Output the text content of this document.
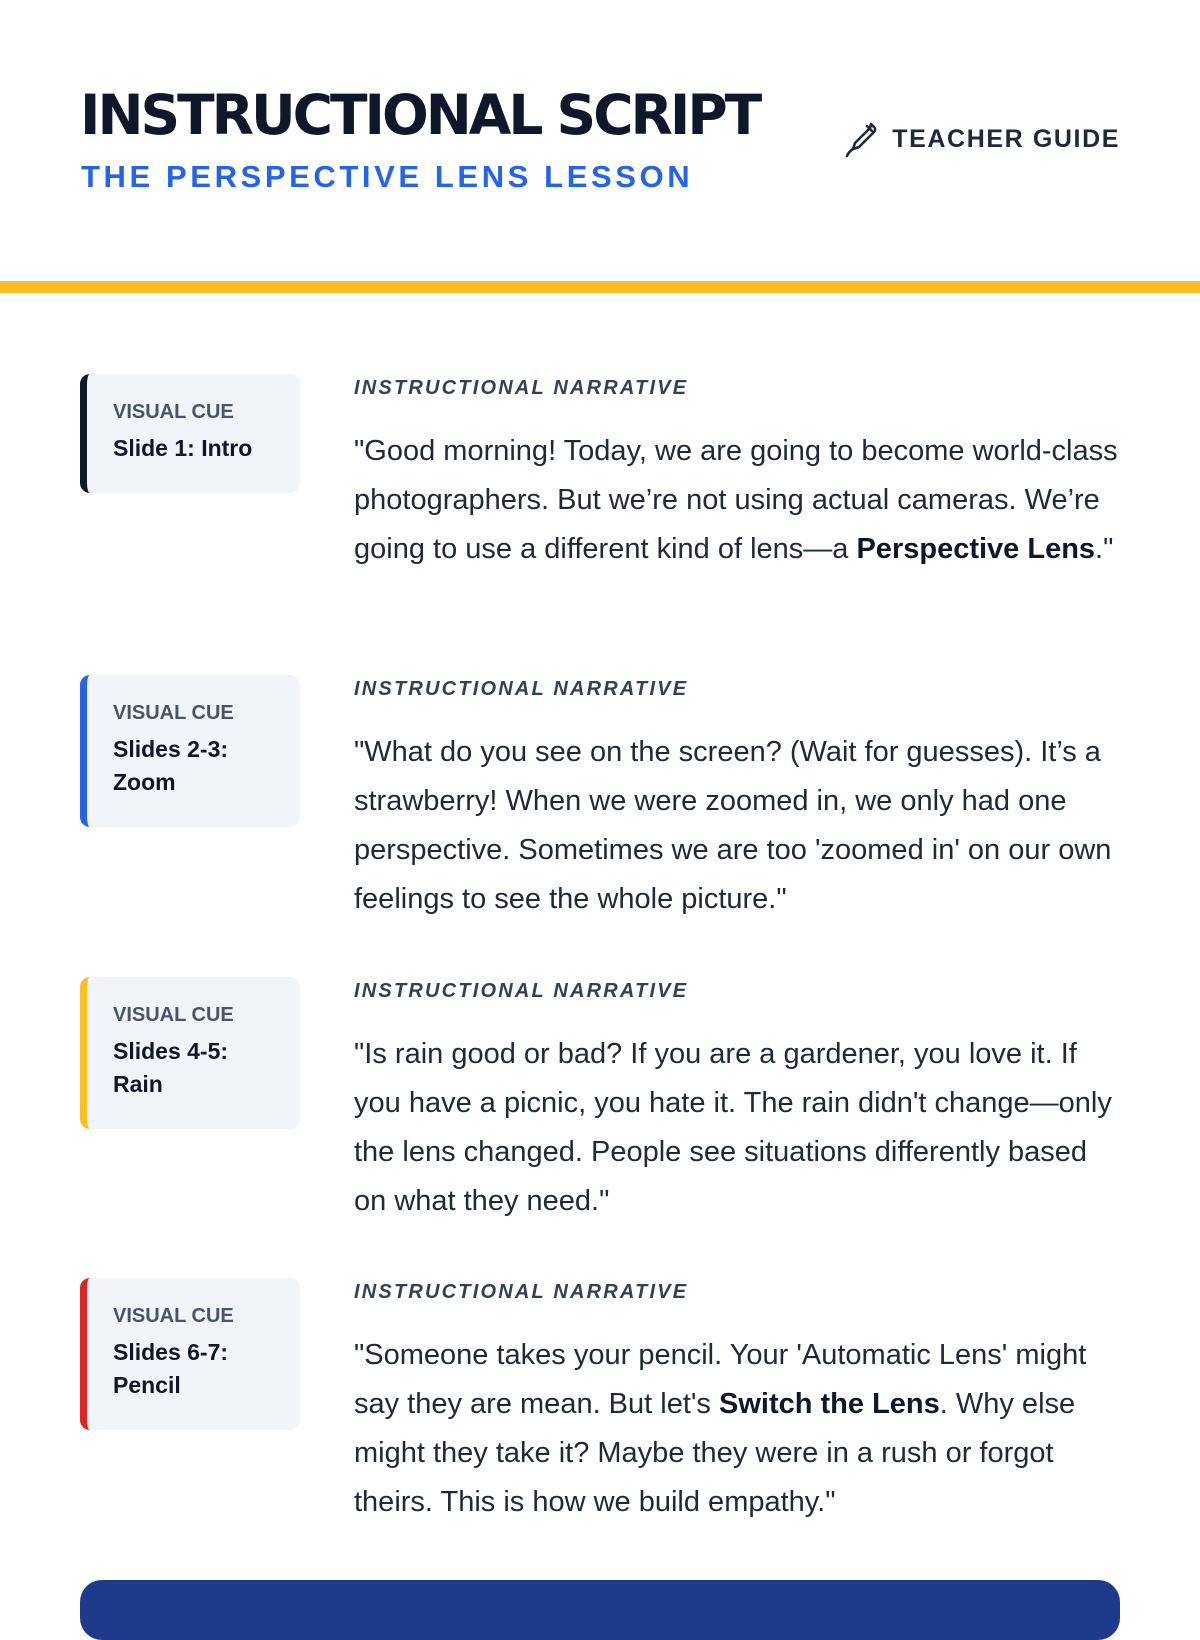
INSTRUCTIONAL SCRIPT
THE PERSPECTIVE LENS LESSON
TEACHER GUIDE
VISUAL CUE
Slide 1: Intro
INSTRUCTIONAL NARRATIVE
"Good morning! Today, we are going to become world-class photographers. But we’re not using actual cameras. We’re going to use a different kind of lens—a Perspective Lens."
VISUAL CUE
Slides 2-3: Zoom
INSTRUCTIONAL NARRATIVE
"What do you see on the screen? (Wait for guesses). It’s a strawberry! When we were zoomed in, we only had one perspective. Sometimes we are too 'zoomed in' on our own feelings to see the whole picture."
VISUAL CUE
Slides 4-5: Rain
INSTRUCTIONAL NARRATIVE
"Is rain good or bad? If you are a gardener, you love it. If you have a picnic, you hate it. The rain didn't change—only the lens changed. People see situations differently based on what they need."
VISUAL CUE
Slides 6-7: Pencil
INSTRUCTIONAL NARRATIVE
"Someone takes your pencil. Your 'Automatic Lens' might say they are mean. But let's Switch the Lens. Why else might they take it? Maybe they were in a rush or forgot theirs. This is how we build empathy."
